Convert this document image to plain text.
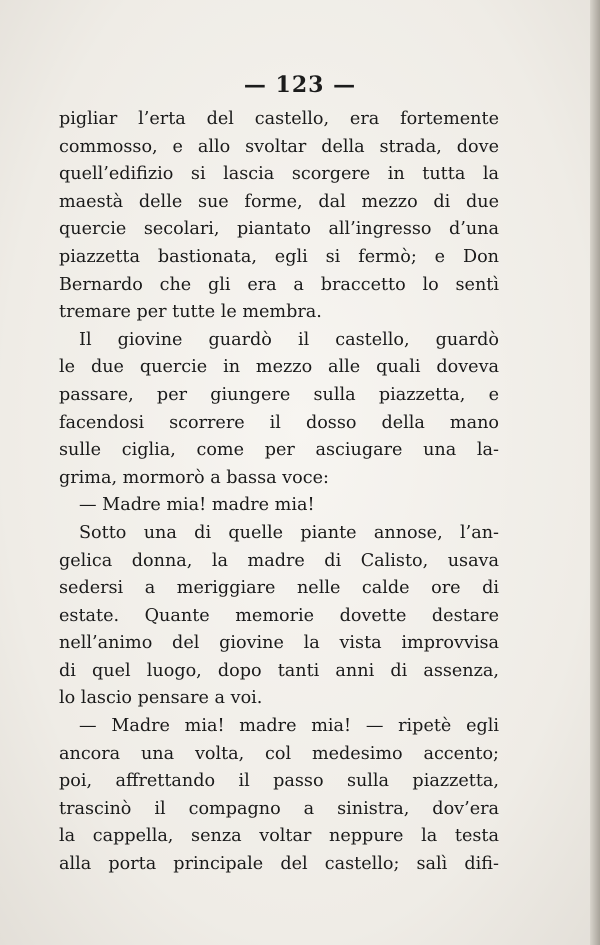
— 123 —
pigliar l’erta del castello, era fortemente
commosso, e allo svoltar della strada, dove
quell’edifizio si lascia scorgere in tutta la
maestà delle sue forme, dal mezzo di due
quercie secolari, piantato all’ingresso d’una
piazzetta bastionata, egli si fermò; e Don
Bernardo che gli era a braccetto lo sentì
tremare per tutte le membra.
Il giovine guardò il castello, guardò
le due quercie in mezzo alle quali doveva
passare, per giungere sulla piazzetta, e
facendosi scorrere il dosso della mano
sulle ciglia, come per asciugare una la-
grima, mormorò a bassa voce:
— Madre mia! madre mia!
Sotto una di quelle piante annose, l’an-
gelica donna, la madre di Calisto, usava
sedersi a meriggiare nelle calde ore di
estate. Quante memorie dovette destare
nell’animo del giovine la vista improvvisa
di quel luogo, dopo tanti anni di assenza,
lo lascio pensare a voi.
— Madre mia! madre mia! — ripetè egli
ancora una volta, col medesimo accento;
poi, affrettando il passo sulla piazzetta,
trascinò il compagno a sinistra, dov’era
la cappella, senza voltar neppure la testa
alla porta principale del castello; salì difi-
